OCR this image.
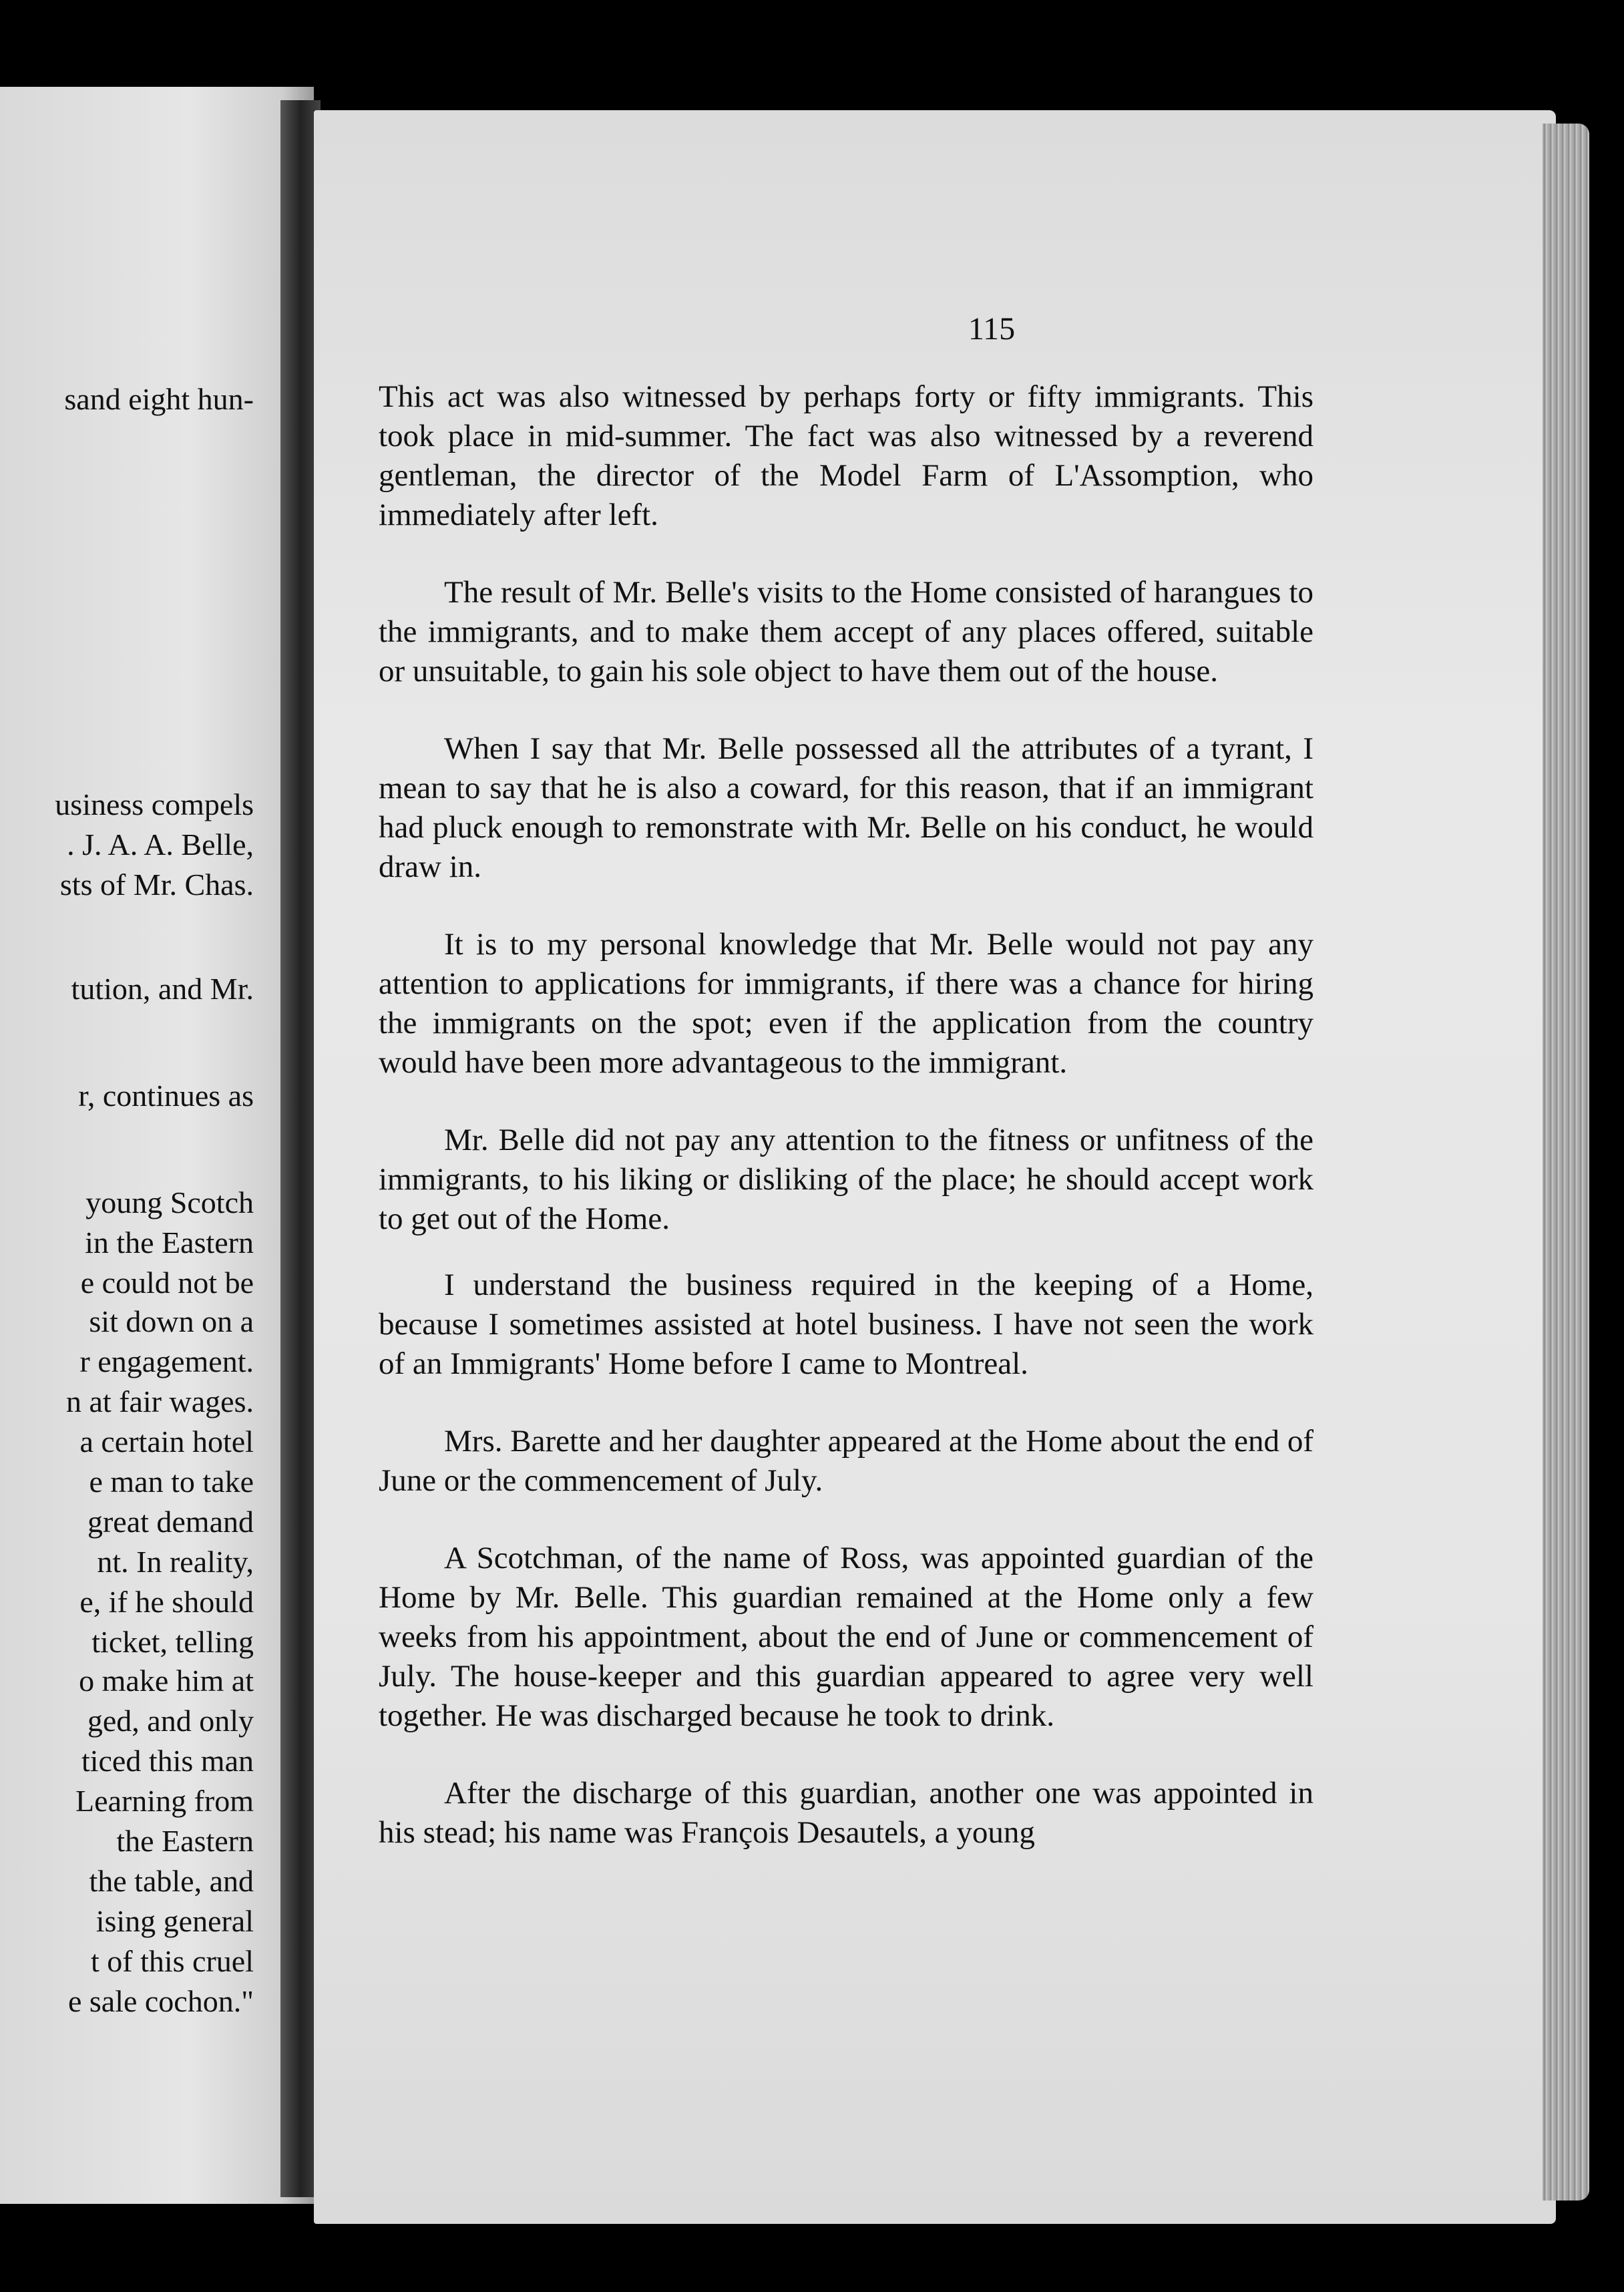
sand eight hun-
usiness compels
. J. A. A. Belle,
sts of Mr. Chas.
tution, and Mr.
r, continues as
young Scotch
in the Eastern
e could not be
sit down on a
r engagement.
n at fair wages.
a certain hotel
e man to take
great demand
nt. In reality,
e, if he should
ticket, telling
o make him at
ged, and only
ticed this man
Learning from
the Eastern
the table, and
ising general
t of this cruel
e sale cochon."
115

This act was also witnessed by perhaps forty or fifty immigrants. This took place in mid-summer. The fact was also witnessed by a reverend gentleman, the director of the Model Farm of L'Assomption, who immediately after left.

The result of Mr. Belle's visits to the Home consisted of harangues to the immigrants, and to make them accept of any places offered, suitable or unsuitable, to gain his sole object to have them out of the house.

When I say that Mr. Belle possessed all the attributes of a tyrant, I mean to say that he is also a coward, for this reason, that if an immigrant had pluck enough to remonstrate with Mr. Belle on his conduct, he would draw in.

It is to my personal knowledge that Mr. Belle would not pay any attention to applications for immigrants, if there was a chance for hiring the immigrants on the spot; even if the application from the country would have been more advantageous to the immigrant.

Mr. Belle did not pay any attention to the fitness or unfitness of the immigrants, to his liking or disliking of the place; he should accept work to get out of the Home.

I understand the business required in the keeping of a Home, because I sometimes assisted at hotel business. I have not seen the work of an Immigrants' Home before I came to Montreal.

Mrs. Barette and her daughter appeared at the Home about the end of June or the commencement of July.

A Scotchman, of the name of Ross, was appointed guardian of the Home by Mr. Belle. This guardian remained at the Home only a few weeks from his appointment, about the end of June or commencement of July. The house-keeper and this guardian appeared to agree very well together. He was discharged because he took to drink.

After the discharge of this guardian, another one was appointed in his stead; his name was François Desautels, a young
